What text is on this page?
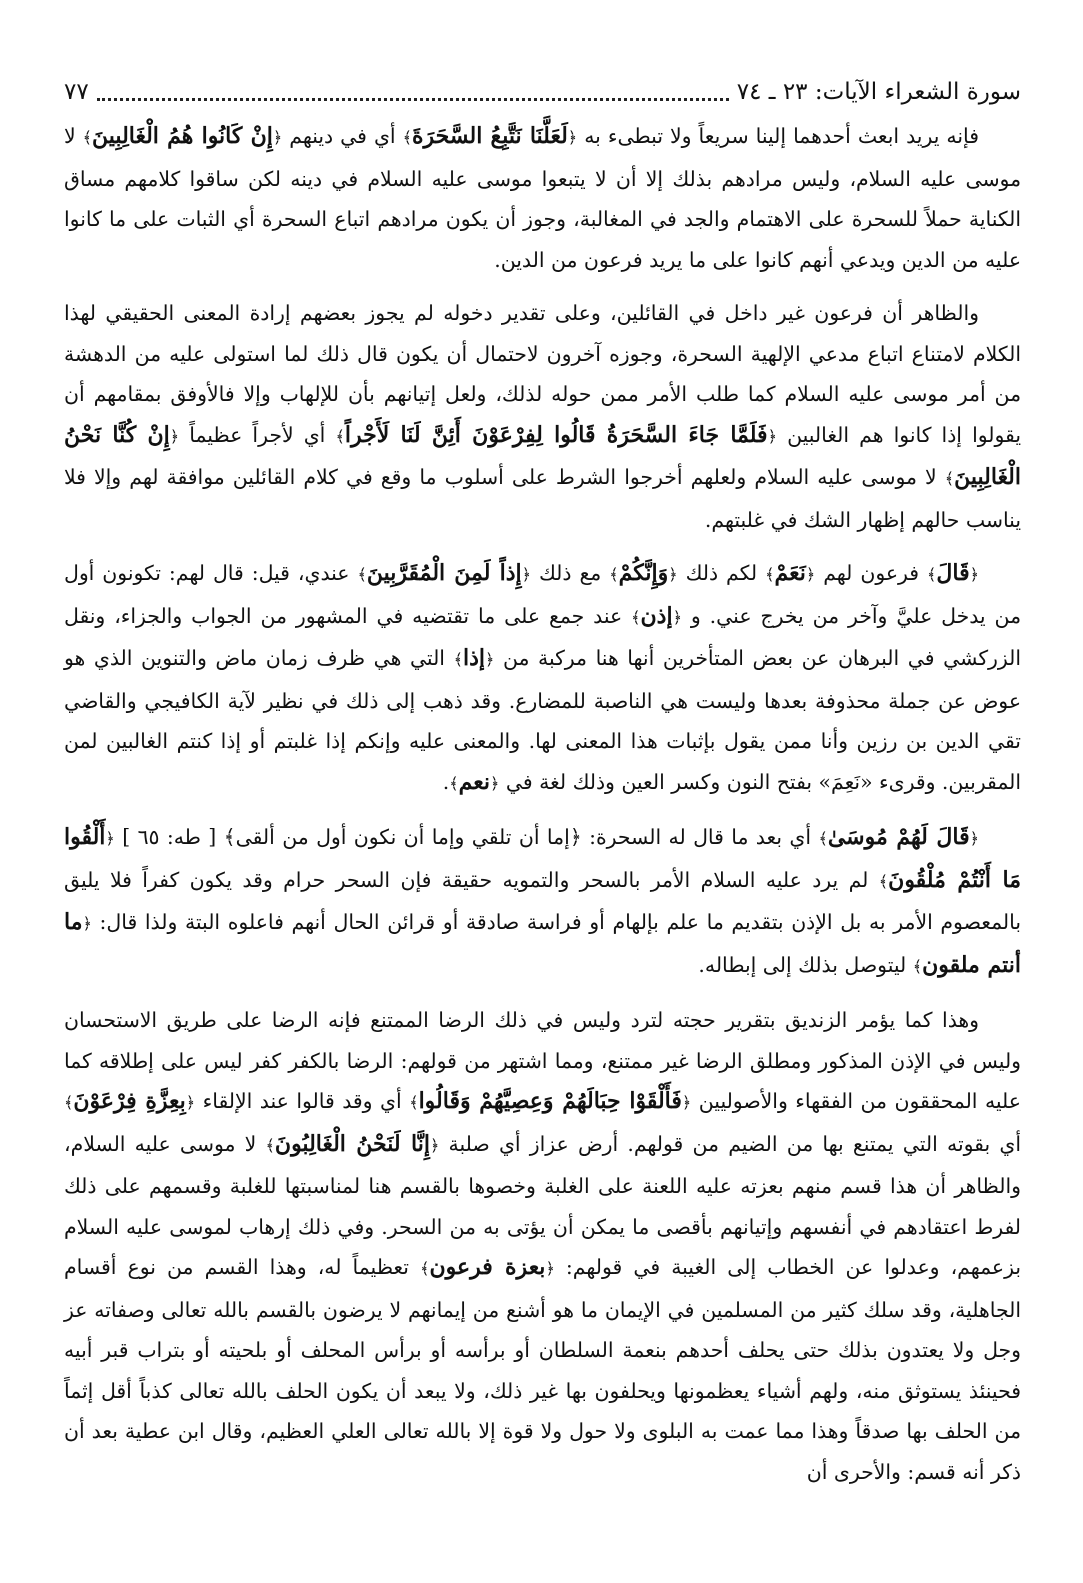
سورة الشعراء الآيات: ٢٣ ـ ٧٤
٧٧

فإنه يريد ابعث أحدهما إلينا سريعاً ولا تبطىء به ﴿لَعَلَّنَا نَتَّبِعُ السَّحَرَةَ﴾ أي في دينهم ﴿إِنْ كَانُوا هُمُ الْغَالِبِينَ﴾ لا موسى عليه السلام، وليس مرادهم بذلك إلا أن لا يتبعوا موسى عليه السلام في دينه لكن ساقوا كلامهم مساق الكناية حملاً للسحرة على الاهتمام والجد في المغالبة، وجوز أن يكون مرادهم اتباع السحرة أي الثبات على ما كانوا عليه من الدين ويدعي أنهم كانوا على ما يريد فرعون من الدين.

والظاهر أن فرعون غير داخل في القائلين، وعلى تقدير دخوله لم يجوز بعضهم إرادة المعنى الحقيقي لهذا الكلام لامتناع اتباع مدعي الإلهية السحرة، وجوزه آخرون لاحتمال أن يكون قال ذلك لما استولى عليه من الدهشة من أمر موسى عليه السلام كما طلب الأمر ممن حوله لذلك، ولعل إتيانهم بأن للإلهاب وإلا فالأوفق بمقامهم أن يقولوا إذا كانوا هم الغالبين ﴿فَلَمَّا جَاءَ السَّحَرَةُ قَالُوا لِفِرْعَوْنَ أَئِنَّ لَنَا لَأَجْراً﴾ أي لأجراً عظيماً ﴿إِنْ كُنَّا نَحْنُ الْغَالِبِينَ﴾ لا موسى عليه السلام ولعلهم أخرجوا الشرط على أسلوب ما وقع في كلام القائلين موافقة لهم وإلا فلا يناسب حالهم إظهار الشك في غلبتهم.

﴿قَالَ﴾ فرعون لهم ﴿نَعَمْ﴾ لكم ذلك ﴿وَإِنَّكُمْ﴾ مع ذلك ﴿إِذاً لَمِنَ الْمُقَرَّبِينَ﴾ عندي، قيل: قال لهم: تكونون أول من يدخل عليَّ وآخر من يخرج عني. و ﴿إذن﴾ عند جمع على ما تقتضيه في المشهور من الجواب والجزاء، ونقل الزركشي في البرهان عن بعض المتأخرين أنها هنا مركبة من ﴿إذا﴾ التي هي ظرف زمان ماض والتنوين الذي هو عوض عن جملة محذوفة بعدها وليست هي الناصبة للمضارع. وقد ذهب إلى ذلك في نظير لآية الكافيجي والقاضي تقي الدين بن رزين وأنا ممن يقول بإثبات هذا المعنى لها. والمعنى عليه وإنكم إذا غلبتم أو إذا كنتم الغالبين لمن المقربين. وقرىء «نَعِمَ» بفتح النون وكسر العين وذلك لغة في ﴿نعم﴾.

﴿قَالَ لَهُمْ مُوسَىٰ﴾ أي بعد ما قال له السحرة: ﴿إما أن تلقي وإما أن نكون أول من ألقى﴾ [ طه: ٦٥ ] ﴿أَلْقُوا مَا أَنْتُمْ مُلْقُونَ﴾ لم يرد عليه السلام الأمر بالسحر والتمويه حقيقة فإن السحر حرام وقد يكون كفراً فلا يليق بالمعصوم الأمر به بل الإذن بتقديم ما علم بإلهام أو فراسة صادقة أو قرائن الحال أنهم فاعلوه البتة ولذا قال: ﴿ما أنتم ملقون﴾ ليتوصل بذلك إلى إبطاله.

وهذا كما يؤمر الزنديق بتقرير حجته لترد وليس في ذلك الرضا الممتنع فإنه الرضا على طريق الاستحسان وليس في الإذن المذكور ومطلق الرضا غير ممتنع، ومما اشتهر من قولهم: الرضا بالكفر كفر ليس على إطلاقه كما عليه المحققون من الفقهاء والأصوليين ﴿فَأَلْقَوْا حِبَالَهُمْ وَعِصِيَّهُمْ وَقَالُوا﴾ أي وقد قالوا عند الإلقاء ﴿بِعِزَّةِ فِرْعَوْنَ﴾ أي بقوته التي يمتنع بها من الضيم من قولهم. أرض عزاز أي صلبة ﴿إِنَّا لَنَحْنُ الْغَالِبُونَ﴾ لا موسى عليه السلام، والظاهر أن هذا قسم منهم بعزته عليه اللعنة على الغلبة وخصوها بالقسم هنا لمناسبتها للغلبة وقسمهم على ذلك لفرط اعتقادهم في أنفسهم وإتيانهم بأقصى ما يمكن أن يؤتى به من السحر. وفي ذلك إرهاب لموسى عليه السلام بزعمهم، وعدلوا عن الخطاب إلى الغيبة في قولهم: ﴿بعزة فرعون﴾ تعظيماً له، وهذا القسم من نوع أقسام الجاهلية، وقد سلك كثير من المسلمين في الإيمان ما هو أشنع من إيمانهم لا يرضون بالقسم بالله تعالى وصفاته عز وجل ولا يعتدون بذلك حتى يحلف أحدهم بنعمة السلطان أو برأسه أو برأس المحلف أو بلحيته أو بتراب قبر أبيه فحينئذ يستوثق منه، ولهم أشياء يعظمونها ويحلفون بها غير ذلك، ولا يبعد أن يكون الحلف بالله تعالى كذباً أقل إثماً من الحلف بها صدقاً وهذا مما عمت به البلوى ولا حول ولا قوة إلا بالله تعالى العلي العظيم، وقال ابن عطية بعد أن ذكر أنه قسم: والأحرى أن
